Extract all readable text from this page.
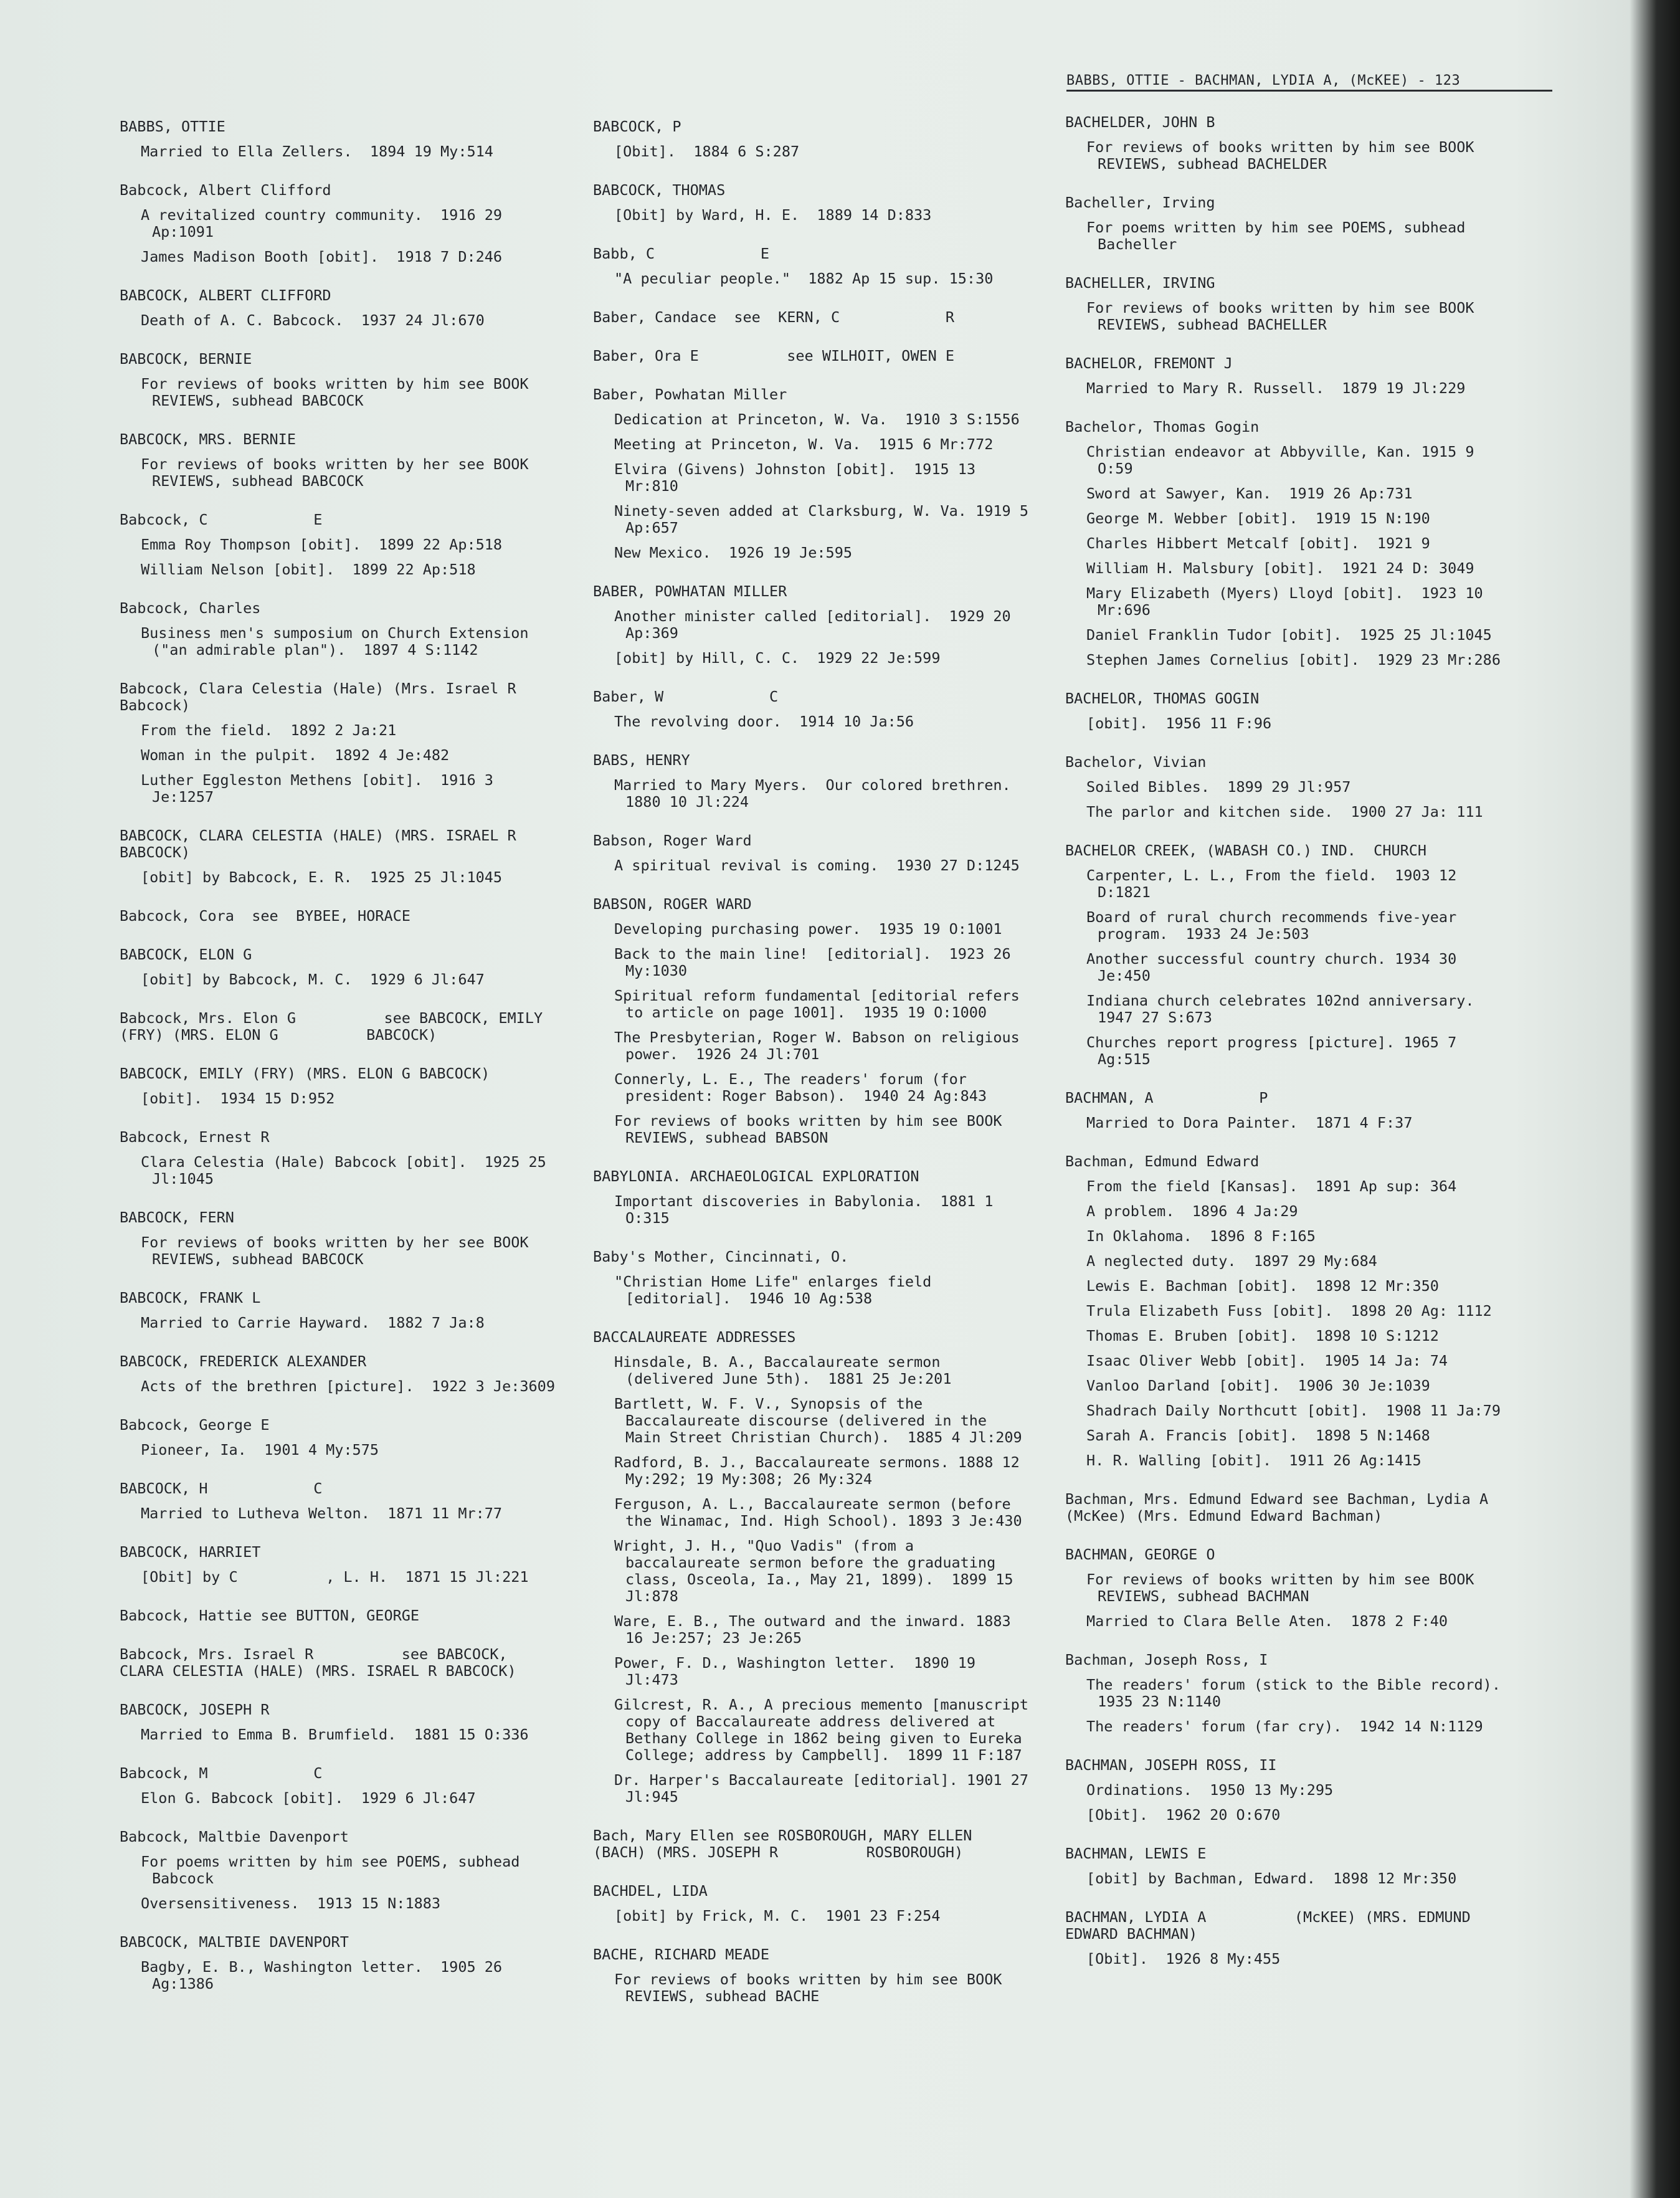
BABBS, OTTIE - BACHMAN, LYDIA A, (McKEE) - 123
BABBS, OTTIE
Married to Ella Zellers.  1894 19 My:514
Babcock, Albert Clifford
A revitalized country community.  1916 29 Ap:1091
James Madison Booth [obit].  1918 7 D:246
BABCOCK, ALBERT CLIFFORD
Death of A. C. Babcock.  1937 24 Jl:670
BABCOCK, BERNIE
For reviews of books written by him see BOOK REVIEWS, subhead BABCOCK
BABCOCK, MRS. BERNIE
For reviews of books written by her see BOOK REVIEWS, subhead BABCOCK
Babcock, C            E
Emma Roy Thompson [obit].  1899 22 Ap:518
William Nelson [obit].  1899 22 Ap:518
Babcock, Charles
Business men's sumposium on Church Extension ("an admirable plan").  1897 4 S:1142
Babcock, Clara Celestia (Hale) (Mrs. Israel R          Babcock)
From the field.  1892 2 Ja:21
Woman in the pulpit.  1892 4 Je:482
Luther Eggleston Methens [obit].  1916 3 Je:1257
BABCOCK, CLARA CELESTIA (HALE) (MRS. ISRAEL R          BABCOCK)
[obit] by Babcock, E. R.  1925 25 Jl:1045
Babcock, Cora  see  BYBEE, HORACE
BABCOCK, ELON G
[obit] by Babcock, M. C.  1929 6 Jl:647
Babcock, Mrs. Elon G          see BABCOCK, EMILY (FRY) (MRS. ELON G          BABCOCK)
BABCOCK, EMILY (FRY) (MRS. ELON G BABCOCK)
[obit].  1934 15 D:952
Babcock, Ernest R
Clara Celestia (Hale) Babcock [obit].  1925 25 Jl:1045
BABCOCK, FERN
For reviews of books written by her see BOOK REVIEWS, subhead BABCOCK
BABCOCK, FRANK L
Married to Carrie Hayward.  1882 7 Ja:8
BABCOCK, FREDERICK ALEXANDER
Acts of the brethren [picture].  1922 3 Je:3609
Babcock, George E
Pioneer, Ia.  1901 4 My:575
BABCOCK, H            C
Married to Lutheva Welton.  1871 11 Mr:77
BABCOCK, HARRIET
[Obit] by C          , L. H.  1871 15 Jl:221
Babcock, Hattie see BUTTON, GEORGE
Babcock, Mrs. Israel R          see BABCOCK, CLARA CELESTIA (HALE) (MRS. ISRAEL R BABCOCK)
BABCOCK, JOSEPH R
Married to Emma B. Brumfield.  1881 15 O:336
Babcock, M            C
Elon G. Babcock [obit].  1929 6 Jl:647
Babcock, Maltbie Davenport
For poems written by him see POEMS, subhead Babcock
Oversensitiveness.  1913 15 N:1883
BABCOCK, MALTBIE DAVENPORT
Bagby, E. B., Washington letter.  1905 26 Ag:1386
BABCOCK, P
[Obit].  1884 6 S:287
BABCOCK, THOMAS
[Obit] by Ward, H. E.  1889 14 D:833
Babb, C            E
"A peculiar people."  1882 Ap 15 sup. 15:30
Baber, Candace  see  KERN, C            R
Baber, Ora E          see WILHOIT, OWEN E
Baber, Powhatan Miller
Dedication at Princeton, W. Va.  1910 3 S:1556
Meeting at Princeton, W. Va.  1915 6 Mr:772
Elvira (Givens) Johnston [obit].  1915 13 Mr:810
Ninety-seven added at Clarksburg, W. Va. 1919 5 Ap:657
New Mexico.  1926 19 Je:595
BABER, POWHATAN MILLER
Another minister called [editorial].  1929 20 Ap:369
[obit] by Hill, C. C.  1929 22 Je:599
Baber, W            C
The revolving door.  1914 10 Ja:56
BABS, HENRY
Married to Mary Myers.  Our colored brethren.  1880 10 Jl:224
Babson, Roger Ward
A spiritual revival is coming.  1930 27 D:1245
BABSON, ROGER WARD
Developing purchasing power.  1935 19 O:1001
Back to the main line!  [editorial].  1923 26 My:1030
Spiritual reform fundamental [editorial refers to article on page 1001].  1935 19 O:1000
The Presbyterian, Roger W. Babson on religious power.  1926 24 Jl:701
Connerly, L. E., The readers' forum (for president: Roger Babson).  1940 24 Ag:843
For reviews of books written by him see BOOK REVIEWS, subhead BABSON
BABYLONIA. ARCHAEOLOGICAL EXPLORATION
Important discoveries in Babylonia.  1881 1 O:315
Baby's Mother, Cincinnati, O.
"Christian Home Life" enlarges field [editorial].  1946 10 Ag:538
BACCALAUREATE ADDRESSES
Hinsdale, B. A., Baccalaureate sermon (delivered June 5th).  1881 25 Je:201
Bartlett, W. F. V., Synopsis of the Baccalaureate discourse (delivered in the Main Street Christian Church).  1885 4 Jl:209
Radford, B. J., Baccalaureate sermons. 1888 12 My:292; 19 My:308; 26 My:324
Ferguson, A. L., Baccalaureate sermon (before the Winamac, Ind. High School). 1893 3 Je:430
Wright, J. H., "Quo Vadis" (from a baccalaureate sermon before the graduating class, Osceola, Ia., May 21, 1899).  1899 15 Jl:878
Ware, E. B., The outward and the inward. 1883 16 Je:257; 23 Je:265
Power, F. D., Washington letter.  1890 19 Jl:473
Gilcrest, R. A., A precious memento [manuscript copy of Baccalaureate address delivered at Bethany College in 1862 being given to Eureka College; address by Campbell].  1899 11 F:187
Dr. Harper's Baccalaureate [editorial]. 1901 27 Jl:945
Bach, Mary Ellen see ROSBOROUGH, MARY ELLEN (BACH) (MRS. JOSEPH R          ROSBOROUGH)
BACHDEL, LIDA
[obit] by Frick, M. C.  1901 23 F:254
BACHE, RICHARD MEADE
For reviews of books written by him see BOOK REVIEWS, subhead BACHE
BACHELDER, JOHN B
For reviews of books written by him see BOOK REVIEWS, subhead BACHELDER
Bacheller, Irving
For poems written by him see POEMS, subhead Bacheller
BACHELLER, IRVING
For reviews of books written by him see BOOK REVIEWS, subhead BACHELLER
BACHELOR, FREMONT J
Married to Mary R. Russell.  1879 19 Jl:229
Bachelor, Thomas Gogin
Christian endeavor at Abbyville, Kan. 1915 9 O:59
Sword at Sawyer, Kan.  1919 26 Ap:731
George M. Webber [obit].  1919 15 N:190
Charles Hibbert Metcalf [obit].  1921 9
William H. Malsbury [obit].  1921 24 D: 3049
Mary Elizabeth (Myers) Lloyd [obit].  1923 10 Mr:696
Daniel Franklin Tudor [obit].  1925 25 Jl:1045
Stephen James Cornelius [obit].  1929 23 Mr:286
BACHELOR, THOMAS GOGIN
[obit].  1956 11 F:96
Bachelor, Vivian
Soiled Bibles.  1899 29 Jl:957
The parlor and kitchen side.  1900 27 Ja: 111
BACHELOR CREEK, (WABASH CO.) IND.  CHURCH
Carpenter, L. L., From the field.  1903 12 D:1821
Board of rural church recommends five-year program.  1933 24 Je:503
Another successful country church. 1934 30 Je:450
Indiana church celebrates 102nd anniversary.  1947 27 S:673
Churches report progress [picture]. 1965 7 Ag:515
BACHMAN, A            P
Married to Dora Painter.  1871 4 F:37
Bachman, Edmund Edward
From the field [Kansas].  1891 Ap sup: 364
A problem.  1896 4 Ja:29
In Oklahoma.  1896 8 F:165
A neglected duty.  1897 29 My:684
Lewis E. Bachman [obit].  1898 12 Mr:350
Trula Elizabeth Fuss [obit].  1898 20 Ag: 1112
Thomas E. Bruben [obit].  1898 10 S:1212
Isaac Oliver Webb [obit].  1905 14 Ja: 74
Vanloo Darland [obit].  1906 30 Je:1039
Shadrach Daily Northcutt [obit].  1908 11 Ja:79
Sarah A. Francis [obit].  1898 5 N:1468
H. R. Walling [obit].  1911 26 Ag:1415
Bachman, Mrs. Edmund Edward see Bachman, Lydia A          (McKee) (Mrs. Edmund Edward Bachman)
BACHMAN, GEORGE O
For reviews of books written by him see BOOK REVIEWS, subhead BACHMAN
Married to Clara Belle Aten.  1878 2 F:40
Bachman, Joseph Ross, I
The readers' forum (stick to the Bible record).  1935 23 N:1140
The readers' forum (far cry).  1942 14 N:1129
BACHMAN, JOSEPH ROSS, II
Ordinations.  1950 13 My:295
[Obit].  1962 20 O:670
BACHMAN, LEWIS E
[obit] by Bachman, Edward.  1898 12 Mr:350
BACHMAN, LYDIA A          (McKEE) (MRS. EDMUND EDWARD BACHMAN)
[Obit].  1926 8 My:455
